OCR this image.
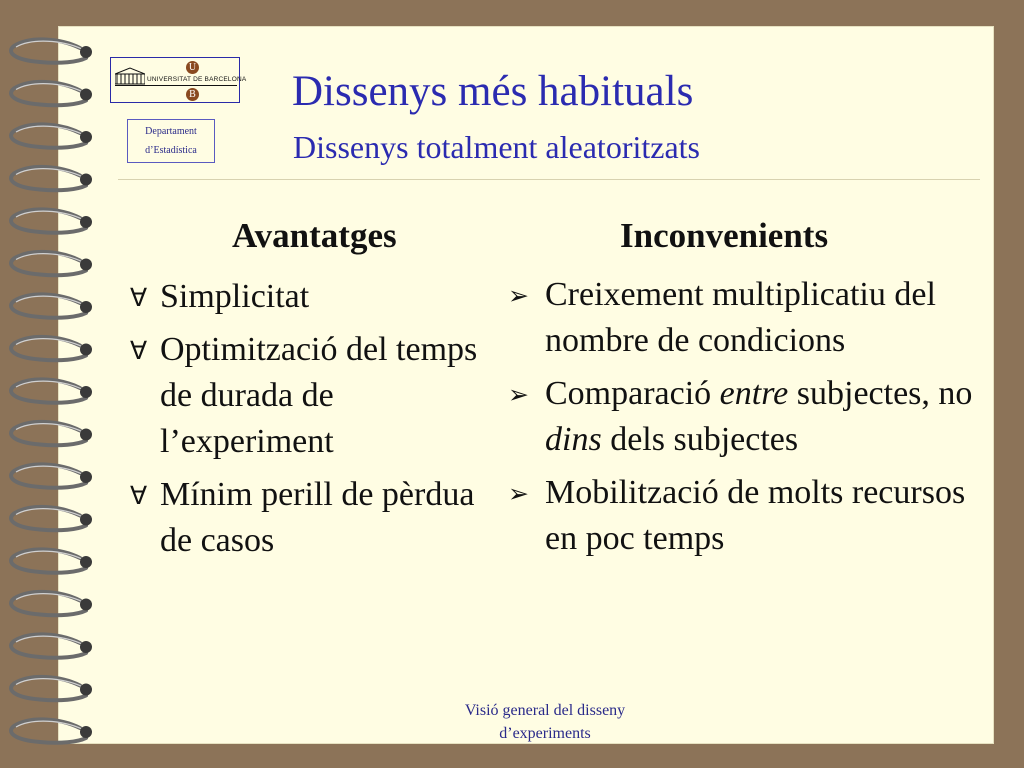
UNIVERSITAT DE BARCELONA
U
B
Departament
d’Estadística
Dissenys més habituals
Dissenys totalment aleatoritzats
Avantatges	Inconvenients
∀ Simplicitat
∀ Optimització del temps de durada de l’experiment
∀ Mínim perill de pèrdua de casos
➢ Creixement multiplicatiu del nombre de condicions
➢ Comparació entre subjectes, no dins dels subjectes
➢ Mobilització de molts recursos en poc temps
Visió general del disseny
d’experiments
